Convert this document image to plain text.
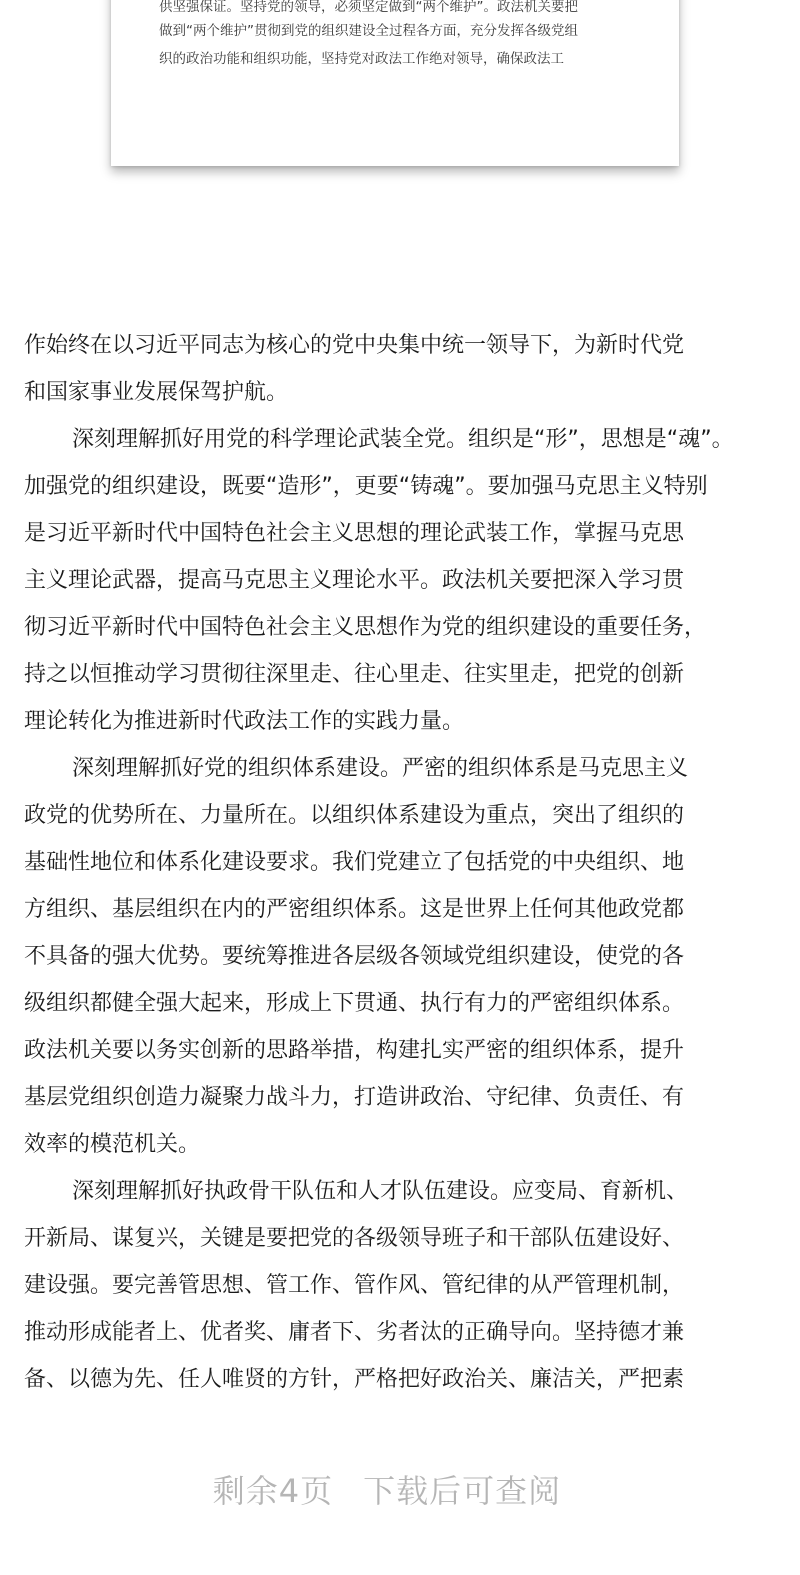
供坚强保证。坚持党的领导，必须坚定做到“两个维护”。政法机关要把
做到“两个维护”贯彻到党的组织建设全过程各方面，充分发挥各级党组
织的政治功能和组织功能，坚持党对政法工作绝对领导，确保政法工
作始终在以习近平同志为核心的党中央集中统一领导下，为新时代党
和国家事业发展保驾护航。
深刻理解抓好用党的科学理论武装全党。组织是“形”，思想是“魂”。
加强党的组织建设，既要“造形”，更要“铸魂”。要加强马克思主义特别
是习近平新时代中国特色社会主义思想的理论武装工作，掌握马克思
主义理论武器，提高马克思主义理论水平。政法机关要把深入学习贯
彻习近平新时代中国特色社会主义思想作为党的组织建设的重要任务，
持之以恒推动学习贯彻往深里走、往心里走、往实里走，把党的创新
理论转化为推进新时代政法工作的实践力量。
深刻理解抓好党的组织体系建设。严密的组织体系是马克思主义
政党的优势所在、力量所在。以组织体系建设为重点，突出了组织的
基础性地位和体系化建设要求。我们党建立了包括党的中央组织、地
方组织、基层组织在内的严密组织体系。这是世界上任何其他政党都
不具备的强大优势。要统筹推进各层级各领域党组织建设，使党的各
级组织都健全强大起来，形成上下贯通、执行有力的严密组织体系。
政法机关要以务实创新的思路举措，构建扎实严密的组织体系，提升
基层党组织创造力凝聚力战斗力，打造讲政治、守纪律、负责任、有
效率的模范机关。
深刻理解抓好执政骨干队伍和人才队伍建设。应变局、育新机、
开新局、谋复兴，关键是要把党的各级领导班子和干部队伍建设好、
建设强。要完善管思想、管工作、管作风、管纪律的从严管理机制，
推动形成能者上、优者奖、庸者下、劣者汰的正确导向。坚持德才兼
备、以德为先、任人唯贤的方针，严格把好政治关、廉洁关，严把素
剩余4页 下载后可查阅
